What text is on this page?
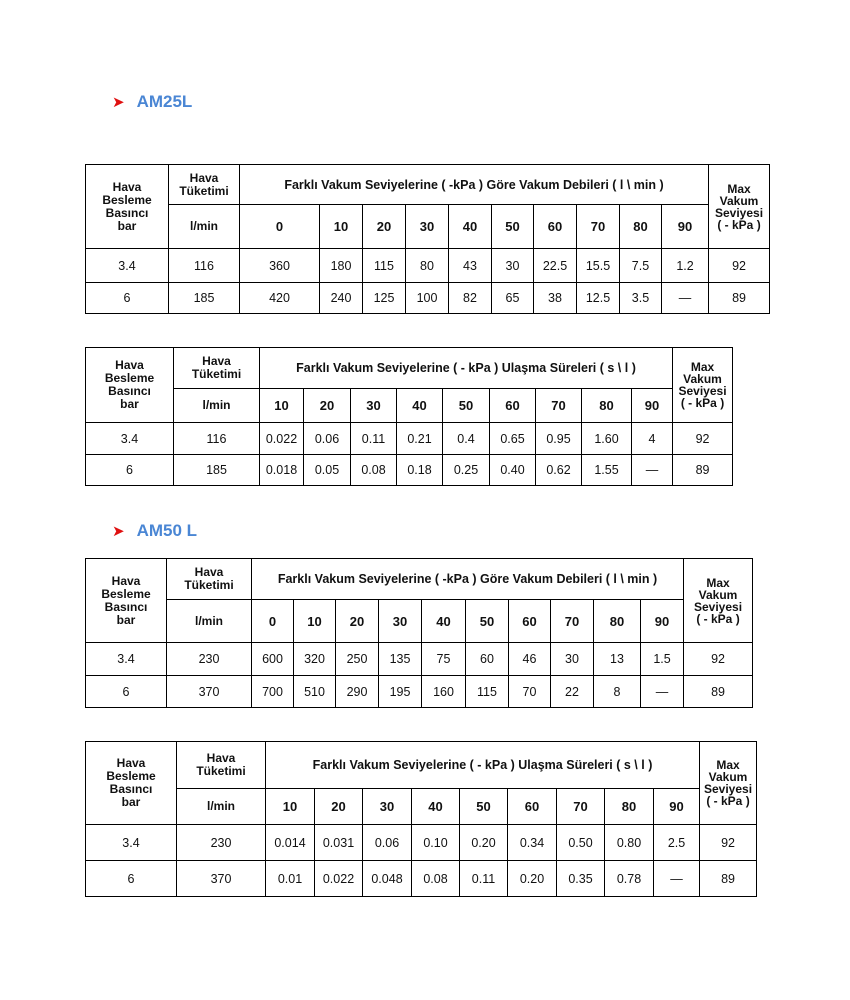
➤ AM25L
➤ AM50 L
Hava
Besleme
Basıncı
bar	Hava
Tüketimi	Farklı Vakum Seviyelerine ( -kPa ) Göre Vakum Debileri ( l \ min )										Max
Vakum
Seviyesi
( - kPa )

	l/min	0	10	20	30	40	50	60	70	80	90	
3.4	116	360	180	115	80	43	30	22.5	15.5	7.5	1.2	92
6	185	420	240	125	100	82	65	38	12.5	3.5	—	89
Hava
Besleme
Basıncı
bar	Hava
Tüketimi	Farklı Vakum Seviyelerine ( - kPa ) Ulaşma Süreleri ( s \ l )									Max
Vakum
Seviyesi
( - kPa )

	l/min	10	20	30	40	50	60	70	80	90	
3.4	116	0.022	0.06	0.11	0.21	0.4	0.65	0.95	1.60	4	92
6	185	0.018	0.05	0.08	0.18	0.25	0.40	0.62	1.55	—	89
Hava
Besleme
Basıncı
bar	Hava
Tüketimi	Farklı Vakum Seviyelerine ( -kPa ) Göre Vakum Debileri ( l \ min )										Max
Vakum
Seviyesi
( - kPa )

	l/min	0	10	20	30	40	50	60	70	80	90	
3.4	230	600	320	250	135	75	60	46	30	13	1.5	92
6	370	700	510	290	195	160	115	70	22	8	—	89
Hava
Besleme
Basıncı
bar	Hava
Tüketimi	Farklı Vakum Seviyelerine ( - kPa ) Ulaşma Süreleri ( s \ l )									Max
Vakum
Seviyesi
( - kPa )

	l/min	10	20	30	40	50	60	70	80	90	
3.4	230	0.014	0.031	0.06	0.10	0.20	0.34	0.50	0.80	2.5	92
6	370	0.01	0.022	0.048	0.08	0.11	0.20	0.35	0.78	—	89
